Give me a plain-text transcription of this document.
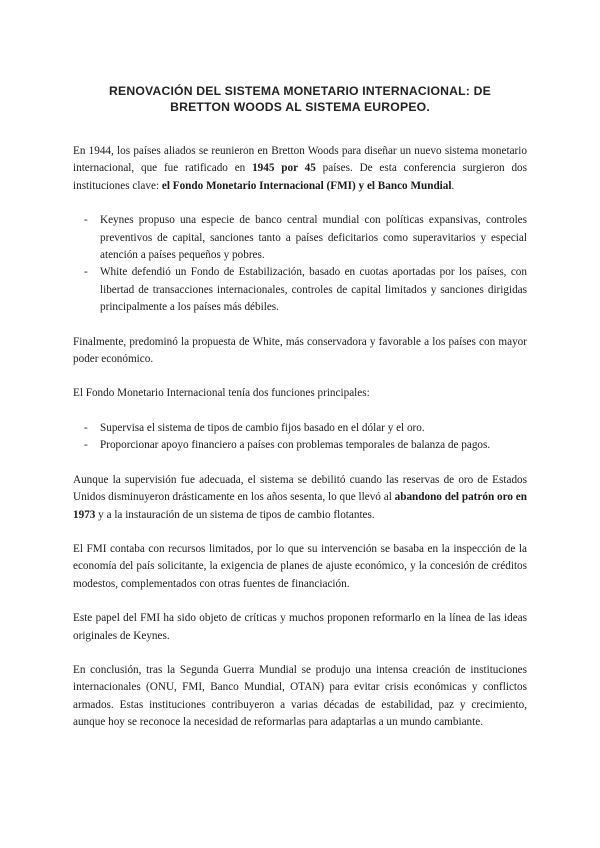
RENOVACIÓN DEL SISTEMA MONETARIO INTERNACIONAL: DE
BRETTON WOODS AL SISTEMA EUROPEO.

En 1944, los países aliados se reunieron en Bretton Woods para diseñar un nuevo sistema monetario internacional, que fue ratificado en 1945 por 45 países. De esta conferencia surgieron dos instituciones clave: el Fondo Monetario Internacional (FMI) y el Banco Mundial.

- Keynes propuso una especie de banco central mundial con políticas expansivas, controles preventivos de capital, sanciones tanto a países deficitarios como superavitarios y especial atención a países pequeños y pobres.
- White defendió un Fondo de Estabilización, basado en cuotas aportadas por los países, con libertad de transacciones internacionales, controles de capital limitados y sanciones dirigidas principalmente a los países más débiles.

Finalmente, predominó la propuesta de White, más conservadora y favorable a los países con mayor poder económico.

El Fondo Monetario Internacional tenía dos funciones principales:

- Supervisa el sistema de tipos de cambio fijos basado en el dólar y el oro.
- Proporcionar apoyo financiero a países con problemas temporales de balanza de pagos.

Aunque la supervisión fue adecuada, el sistema se debilitó cuando las reservas de oro de Estados Unidos disminuyeron drásticamente en los años sesenta, lo que llevó al abandono del patrón oro en 1973 y a la instauración de un sistema de tipos de cambio flotantes.

El FMI contaba con recursos limitados, por lo que su intervención se basaba en la inspección de la economía del país solicitante, la exigencia de planes de ajuste económico, y la concesión de créditos modestos, complementados con otras fuentes de financiación.

Este papel del FMI ha sido objeto de críticas y muchos proponen reformarlo en la línea de las ideas originales de Keynes.

En conclusión, tras la Segunda Guerra Mundial se produjo una intensa creación de instituciones internacionales (ONU, FMI, Banco Mundial, OTAN) para evitar crisis económicas y conflictos armados. Estas instituciones contribuyeron a varias décadas de estabilidad, paz y crecimiento, aunque hoy se reconoce la necesidad de reformarlas para adaptarlas a un mundo cambiante.
